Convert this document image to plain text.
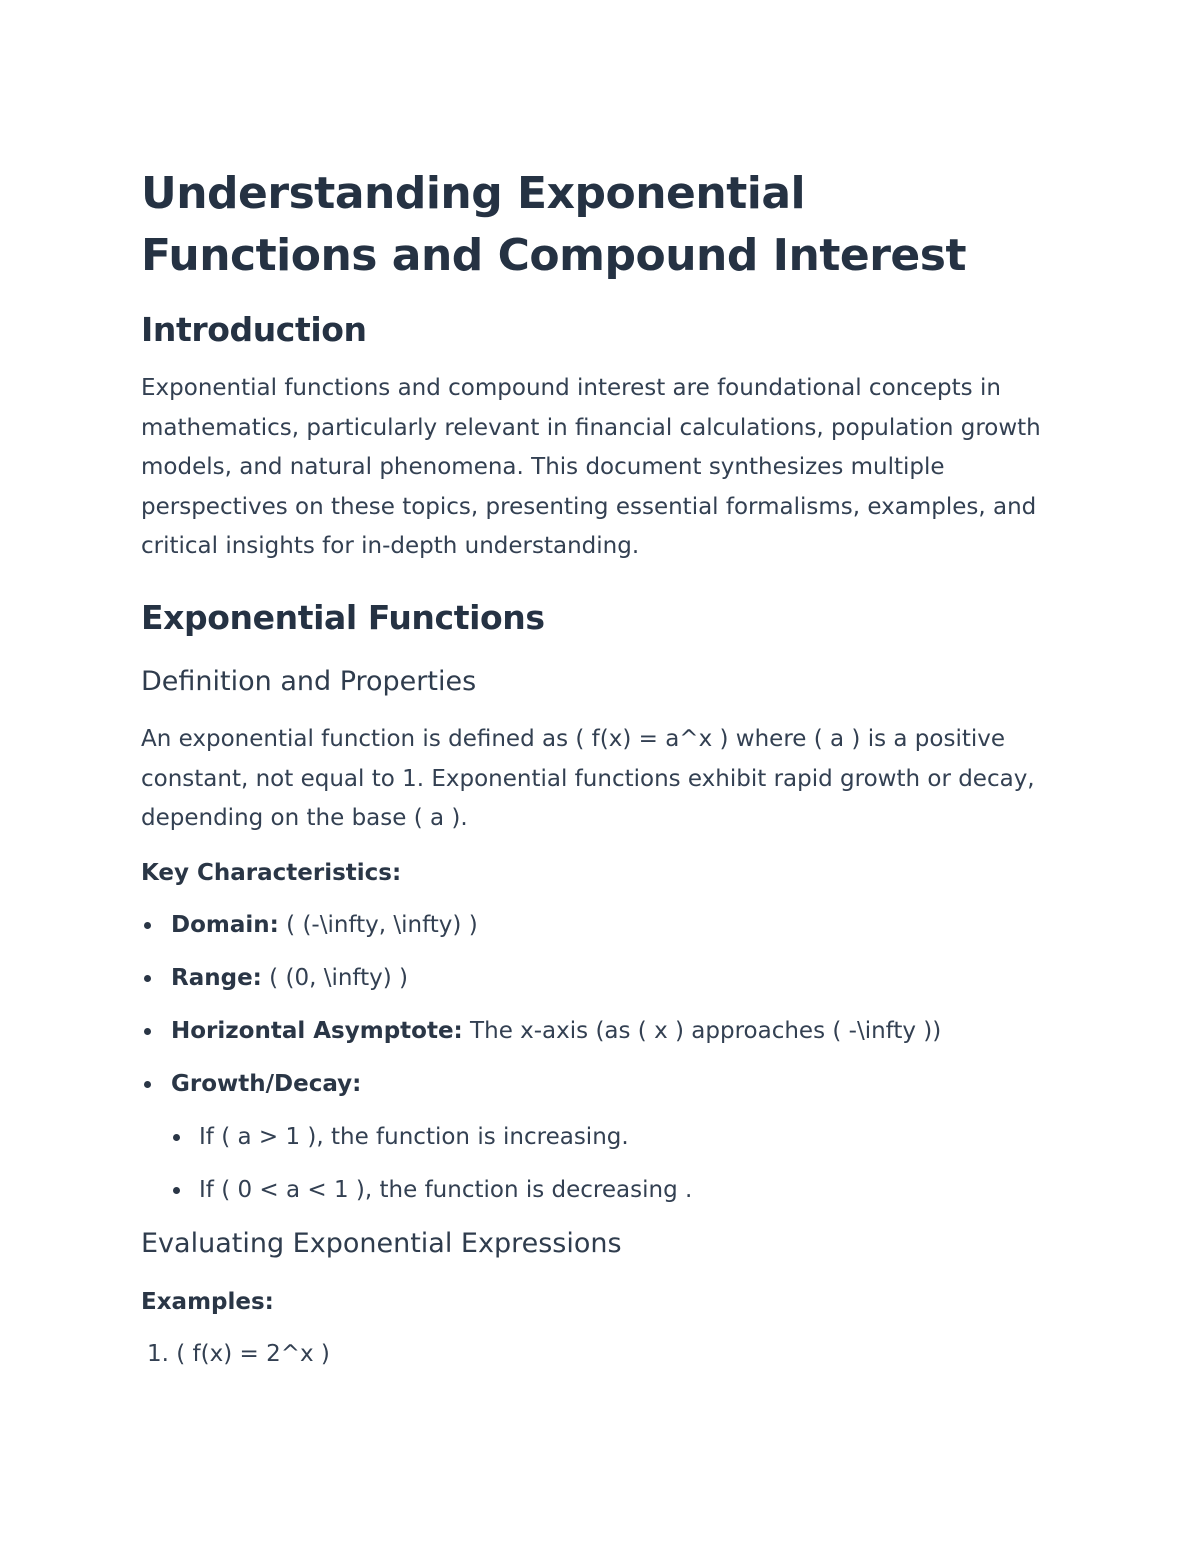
Understanding Exponential Functions and Compound Interest
Introduction

Exponential functions and compound interest are foundational concepts in mathematics, particularly relevant in financial calculations, population growth models, and natural phenomena. This document synthesizes multiple perspectives on these topics, presenting essential formalisms, examples, and critical insights for in-depth understanding.

Exponential Functions
Definition and Properties

An exponential function is defined as ( f(x) = a^x ) where ( a ) is a positive constant, not equal to 1. Exponential functions exhibit rapid growth or decay, depending on the base ( a ).

Key Characteristics:
Domain: ( (-\infty, \infty) )
Range: ( (0, \infty) )
Horizontal Asymptote: The x-axis (as ( x ) approaches ( -\infty ))
Growth/Decay:
If ( a > 1 ), the function is increasing.
If ( 0 < a < 1 ), the function is decreasing .
Evaluating Exponential Expressions
Examples:
1. ( f(x) = 2^x )
